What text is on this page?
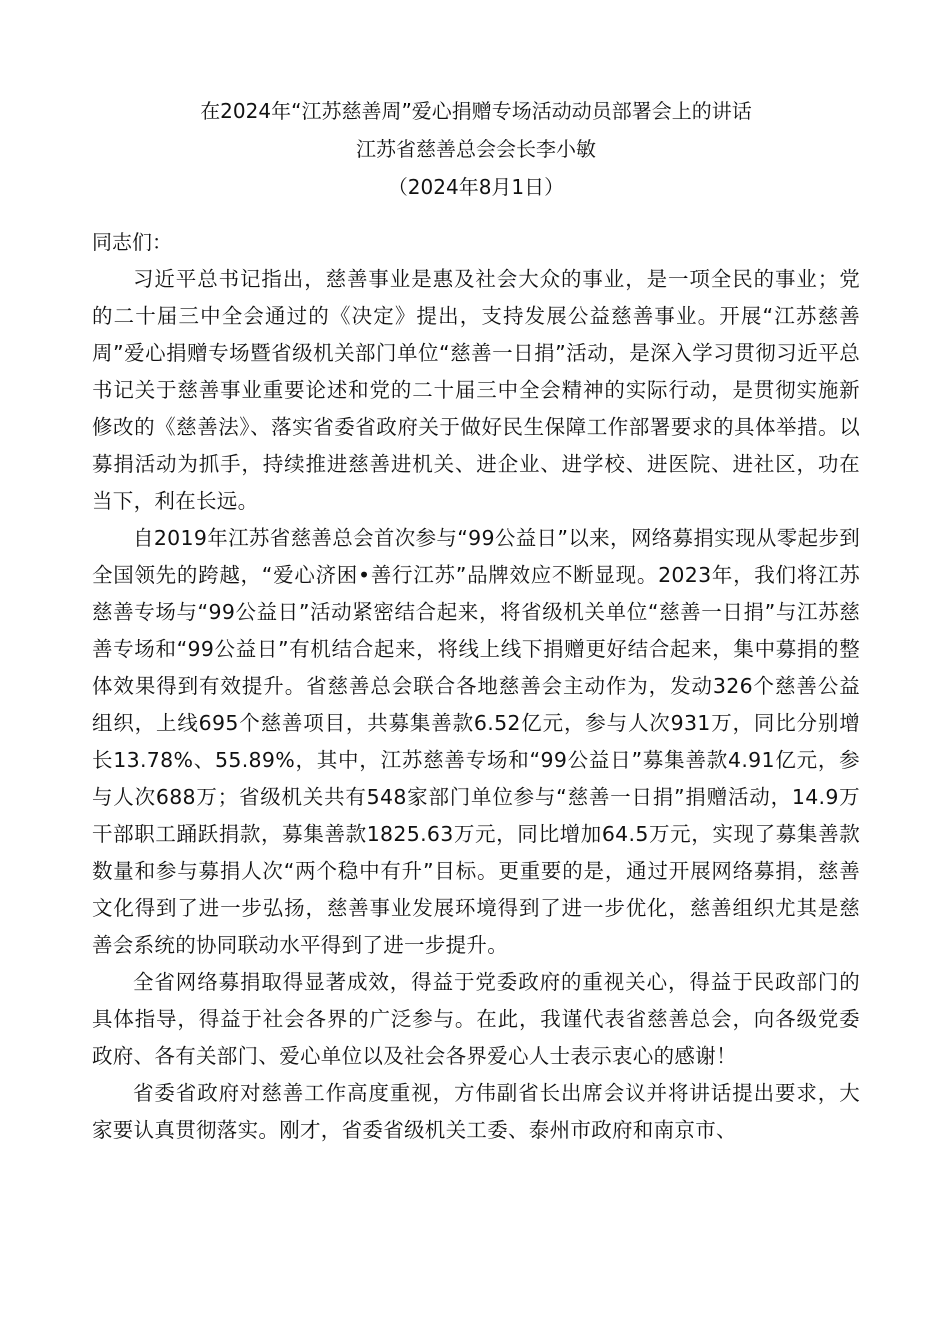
在2024年“江苏慈善周”爱心捐赠专场活动动员部署会上的讲话
江苏省慈善总会会长李小敏
（2024年8月1日）

同志们：

习近平总书记指出，慈善事业是惠及社会大众的事业，是一项全民的事业；党的二十届三中全会通过的《决定》提出，支持发展公益慈善事业。开展“江苏慈善周”爱心捐赠专场暨省级机关部门单位“慈善一日捐”活动，是深入学习贯彻习近平总书记关于慈善事业重要论述和党的二十届三中全会精神的实际行动，是贯彻实施新修改的《慈善法》、落实省委省政府关于做好民生保障工作部署要求的具体举措。以募捐活动为抓手，持续推进慈善进机关、进企业、进学校、进医院、进社区，功在当下，利在长远。

自2019年江苏省慈善总会首次参与“99公益日”以来，网络募捐实现从零起步到全国领先的跨越，“爱心济困•善行江苏”品牌效应不断显现。2023年，我们将江苏慈善专场与“99公益日”活动紧密结合起来，将省级机关单位“慈善一日捐”与江苏慈善专场和“99公益日”有机结合起来，将线上线下捐赠更好结合起来，集中募捐的整体效果得到有效提升。省慈善总会联合各地慈善会主动作为，发动326个慈善公益组织，上线695个慈善项目，共募集善款6.52亿元，参与人次931万，同比分别增长13.78%、55.89%，其中，江苏慈善专场和“99公益日”募集善款4.91亿元，参与人次688万；省级机关共有548家部门单位参与“慈善一日捐”捐赠活动，14.9万干部职工踊跃捐款，募集善款1825.63万元，同比增加64.5万元，实现了募集善款数量和参与募捐人次“两个稳中有升”目标。更重要的是，通过开展网络募捐，慈善文化得到了进一步弘扬，慈善事业发展环境得到了进一步优化，慈善组织尤其是慈善会系统的协同联动水平得到了进一步提升。

全省网络募捐取得显著成效，得益于党委政府的重视关心，得益于民政部门的具体指导，得益于社会各界的广泛参与。在此，我谨代表省慈善总会，向各级党委政府、各有关部门、爱心单位以及社会各界爱心人士表示衷心的感谢！

省委省政府对慈善工作高度重视，方伟副省长出席会议并将讲话提出要求，大家要认真贯彻落实。刚才，省委省级机关工委、泰州市政府和南京市、
